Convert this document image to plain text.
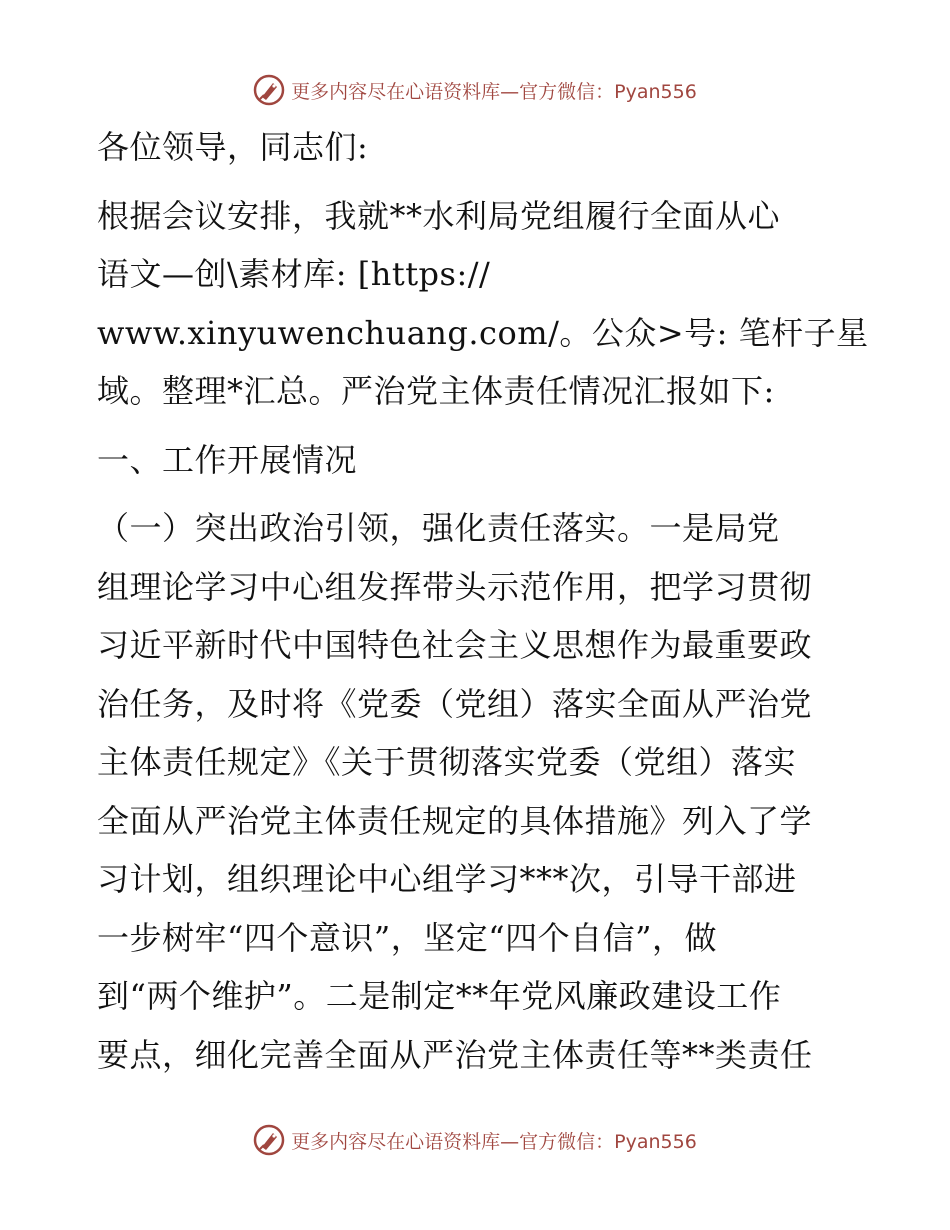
更多内容尽在心语资料库—官方微信：Pyan556

各位领导，同志们:

根据会议安排，我就**水利局党组履行全面从心

语文—创\素材库: [https://

www.xinyuwenchuang.com/。公众>号: 笔杆子星

域。整理*汇总。严治党主体责任情况汇报如下:

一、工作开展情况

（一）突出政治引领，强化责任落实。一是局党

组理论学习中心组发挥带头示范作用，把学习贯彻

习近平新时代中国特色社会主义思想作为最重要政

治任务，及时将《党委（党组）落实全面从严治党

主体责任规定》《关于贯彻落实党委（党组）落实

全面从严治党主体责任规定的具体措施》列入了学

习计划，组织理论中心组学习***次，引导干部进

一步树牢“四个意识”，坚定“四个自信”，做

到“两个维护”。二是制定**年党风廉政建设工作

要点，细化完善全面从严治党主体责任等**类责任

更多内容尽在心语资料库—官方微信：Pyan556
